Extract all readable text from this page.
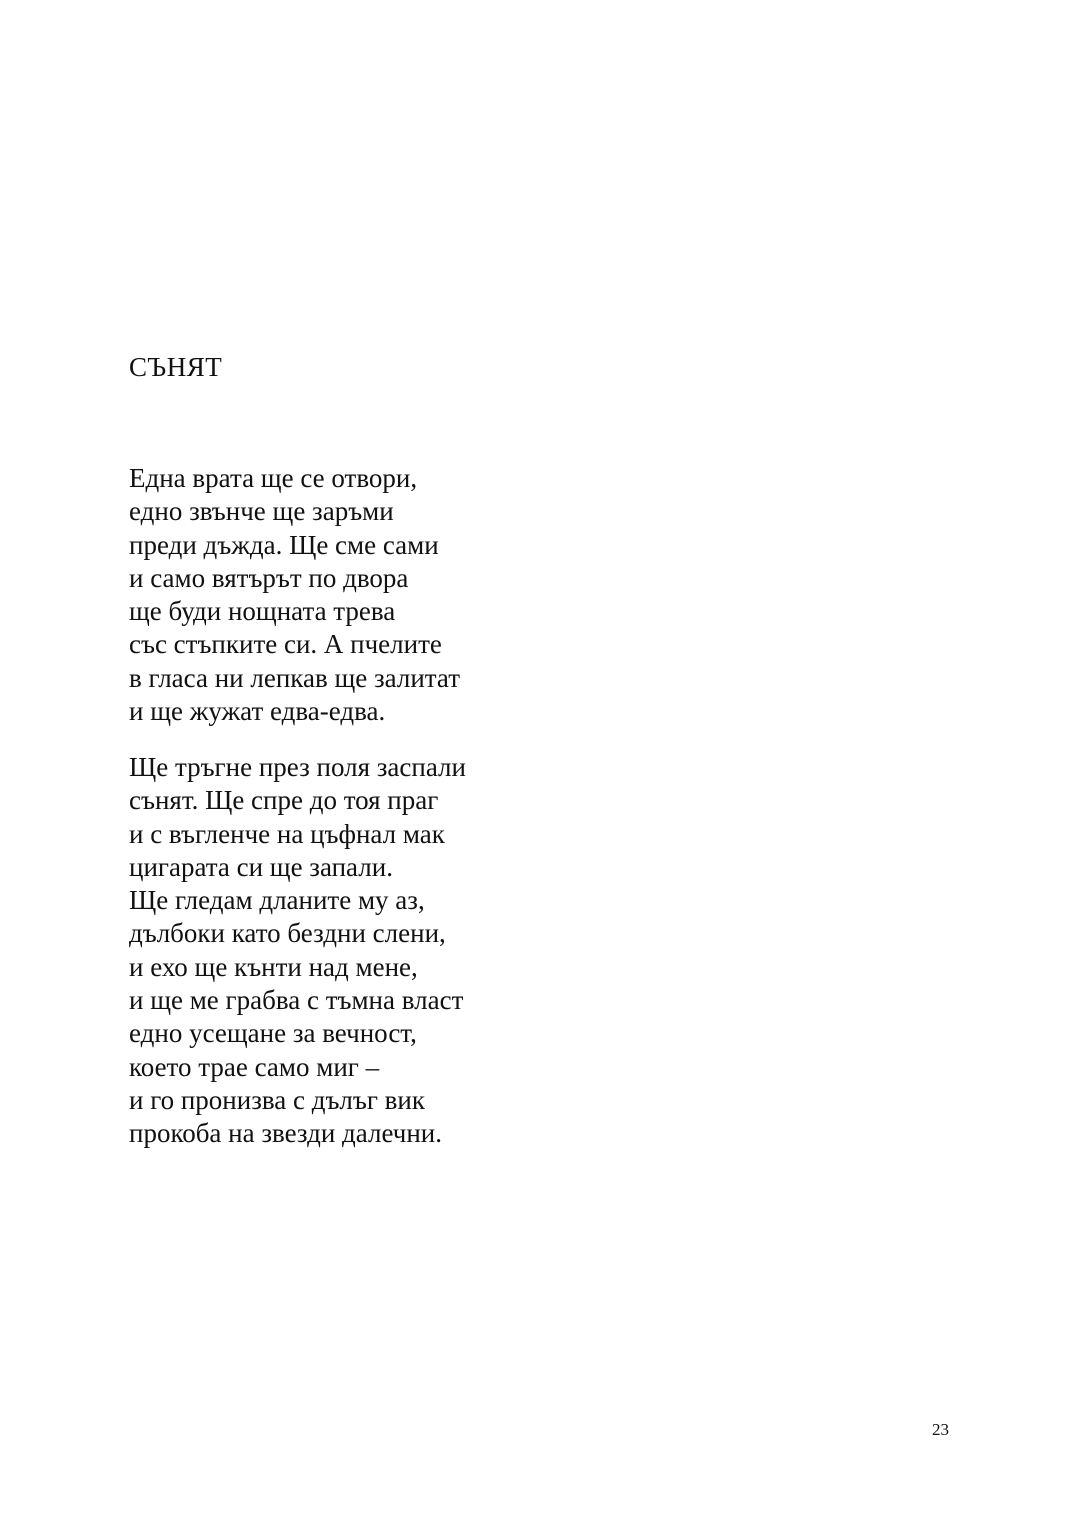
СЪНЯТ

Една врата ще се отвори,
едно звънче ще заръми
преди дъжда. Ще сме сами
и само вятърът по двора
ще буди нощната трева
със стъпките си. А пчелите
в гласа ни лепкав ще залитат
и ще жужат едва-едва.

Ще тръгне през поля заспали
сънят. Ще спре до тоя праг
и с въгленче на цъфнал мак
цигарата си ще запали.
Ще гледам дланите му аз,
дълбоки като бездни слени,
и ехо ще кънти над мене,
и ще ме грабва с тъмна власт
едно усещане за вечност,
което трае само миг –
и го пронизва с дълъг вик
прокоба на звезди далечни.

23
